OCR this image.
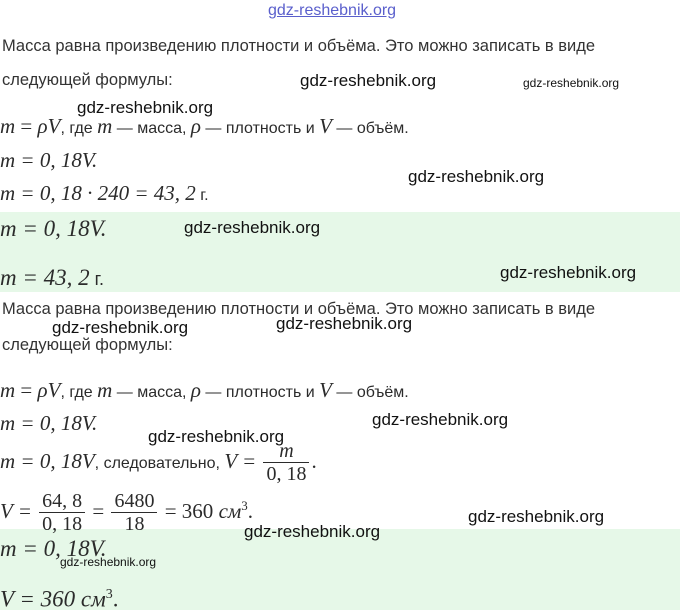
Масса равна произведению плотности и объёма. Это можно записать в виде
следующей формулы:
m = ρV, где m — масса, ρ — плотность и V — объём.
m = 0, 18V.
m = 0, 18 · 240 = 43, 2 г.
m = 0, 18V.
m = 43, 2 г.
Масса равна произведению плотности и объёма. Это можно записать в виде
следующей формулы:
m = ρV, где m — масса, ρ — плотность и V — объём.
m = 0, 18V.
m = 0, 18V, следовательно, $V = \frac{m}{0, 18}$ .
$V = \frac{64, 8}{0, 18} = \frac{6480}{18} = 360$ $см^3$.
m = 0, 18V.
V = 360 $см^3$.
gdz-reshebnik.org
gdz-reshebnik.org	gdz-reshebnik.org
gdz-reshebnik.org
gdz-reshebnik.org
gdz-reshebnik.org
gdz-reshebnik.org
gdz-reshebnik.org	gdz-reshebnik.org
gdz-reshebnik.org
gdz-reshebnik.org
gdz-reshebnik.org
gdz-reshebnik.org
gdz-reshebnik.org
